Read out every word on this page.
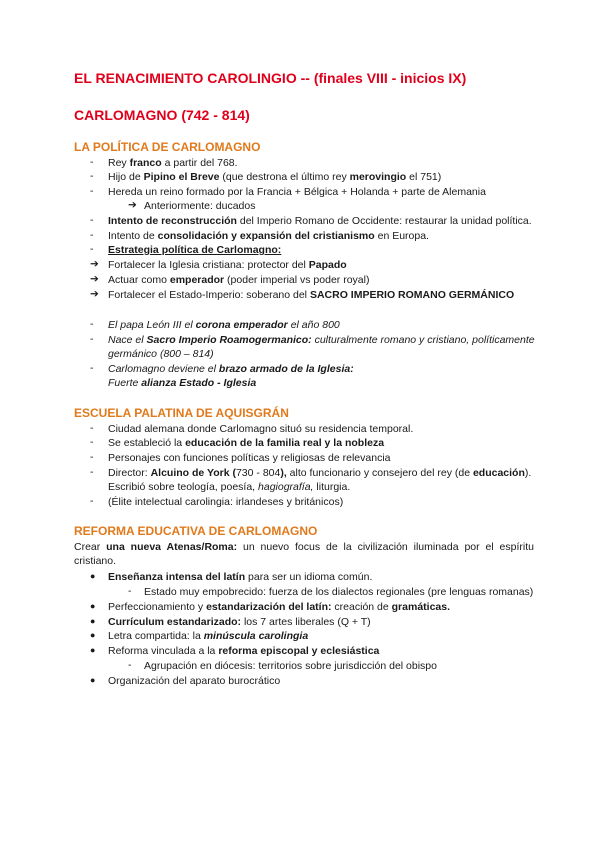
EL RENACIMIENTO CAROLINGIO -- (finales VIII - inicios IX)
CARLOMAGNO (742 - 814)
LA POLÍTICA DE CARLOMAGNO
- Rey franco a partir del 768.
- Hijo de Pipino el Breve (que destrona el último rey merovingio el 751)
- Hereda un reino formado por la Francia + Bélgica + Holanda + parte de Alemania
➔ Anteriormente: ducados
- Intento de reconstrucción del Imperio Romano de Occidente: restaurar la unidad política.
- Intento de consolidación y expansión del cristianismo en Europa.
- Estrategia política de Carlomagno:
➔ Fortalecer la Iglesia cristiana: protector del Papado
➔ Actuar como emperador (poder imperial vs poder royal)
➔ Fortalecer el Estado-Imperio: soberano del SACRO IMPERIO ROMANO GERMÁNICO
- El papa León III el corona emperador el año 800
- Nace el Sacro Imperio Roamogermanico: culturalmente romano y cristiano, políticamente
germánico (800 – 814)
- Carlomagno deviene el brazo armado de la Iglesia:
Fuerte alianza Estado - Iglesia
ESCUELA PALATINA DE AQUISGRÁN
- Ciudad alemana donde Carlomagno situó su residencia temporal.
- Se estableció la educación de la familia real y la nobleza
- Personajes con funciones políticas y religiosas de relevancia
- Director: Alcuino de York (730 - 804), alto funcionario y consejero del rey (de educación).
Escribió sobre teología, poesía, hagiografía, liturgia.
- (Élite intelectual carolingia: irlandeses y británicos)
REFORMA EDUCATIVA DE CARLOMAGNO
Crear una nueva Atenas/Roma: un nuevo focus de la civilización iluminada por el espíritu cristiano.
● Enseñanza intensa del latín para ser un idioma común.
- Estado muy empobrecido: fuerza de los dialectos regionales (pre lenguas romanas)
● Perfeccionamiento y estandarización del latín: creación de gramáticas.
● Currículum estandarizado: los 7 artes liberales (Q + T)
● Letra compartida: la minúscula carolingia
● Reforma vinculada a la reforma episcopal y eclesiástica
- Agrupación en diócesis: territorios sobre jurisdicción del obispo
● Organización del aparato burocrático
